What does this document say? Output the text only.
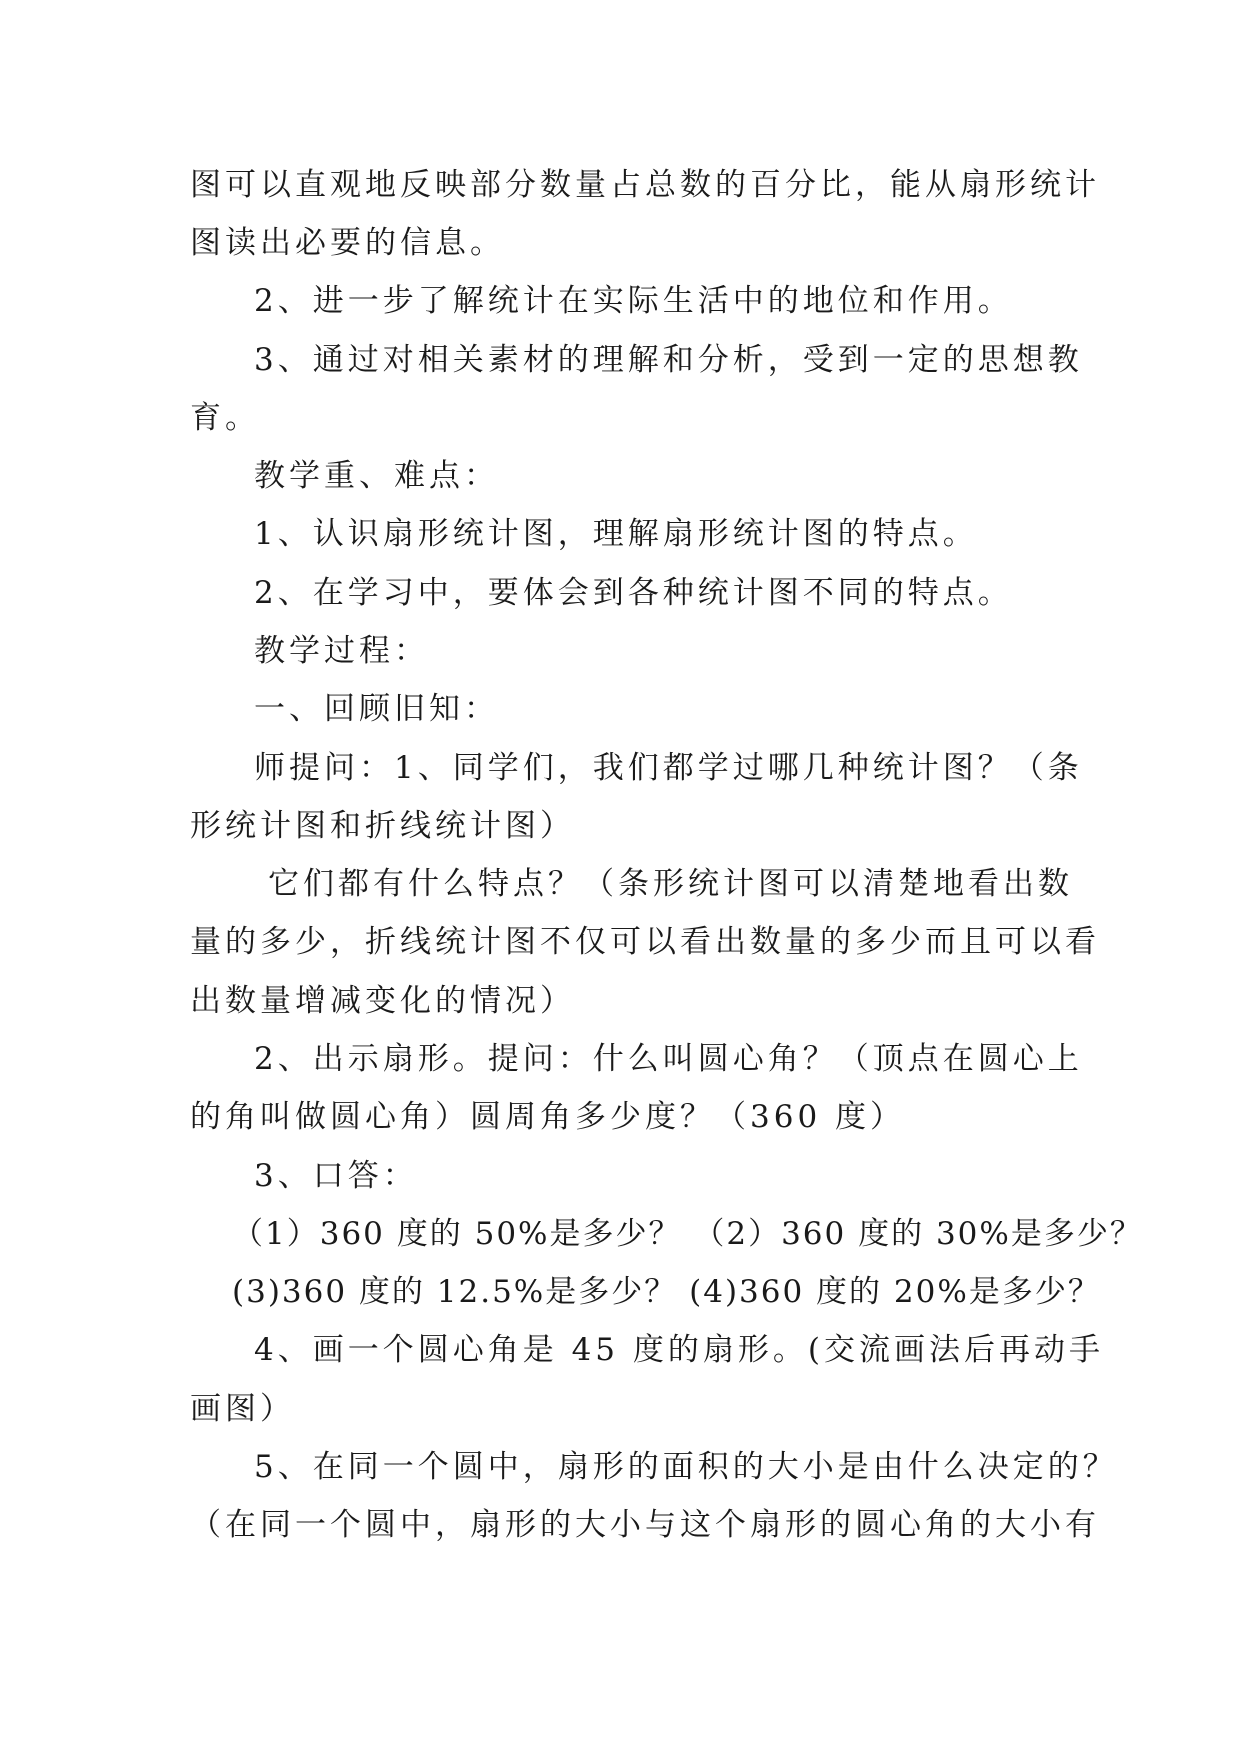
图可以直观地反映部分数量占总数的百分比，能从扇形统计
图读出必要的信息。
2、进一步了解统计在实际生活中的地位和作用。
3、通过对相关素材的理解和分析，受到一定的思想教
育。
教学重、难点：
1、认识扇形统计图，理解扇形统计图的特点。
2、在学习中，要体会到各种统计图不同的特点。
教学过程：
一、回顾旧知：
师提问：1、同学们，我们都学过哪几种统计图？（条
形统计图和折线统计图）
它们都有什么特点？（条形统计图可以清楚地看出数
量的多少，折线统计图不仅可以看出数量的多少而且可以看
出数量增减变化的情况）
2、出示扇形。提问：什么叫圆心角？（顶点在圆心上
的角叫做圆心角）圆周角多少度？（360 度）
3、口答：
（1）360 度的 50%是多少？ （2）360 度的 30%是多少？
(3)360 度的 12.5%是多少？ (4)360 度的 20%是多少？
4、画一个圆心角是 45 度的扇形。(交流画法后再动手
画图）
5、在同一个圆中，扇形的面积的大小是由什么决定的？
（在同一个圆中，扇形的大小与这个扇形的圆心角的大小有
